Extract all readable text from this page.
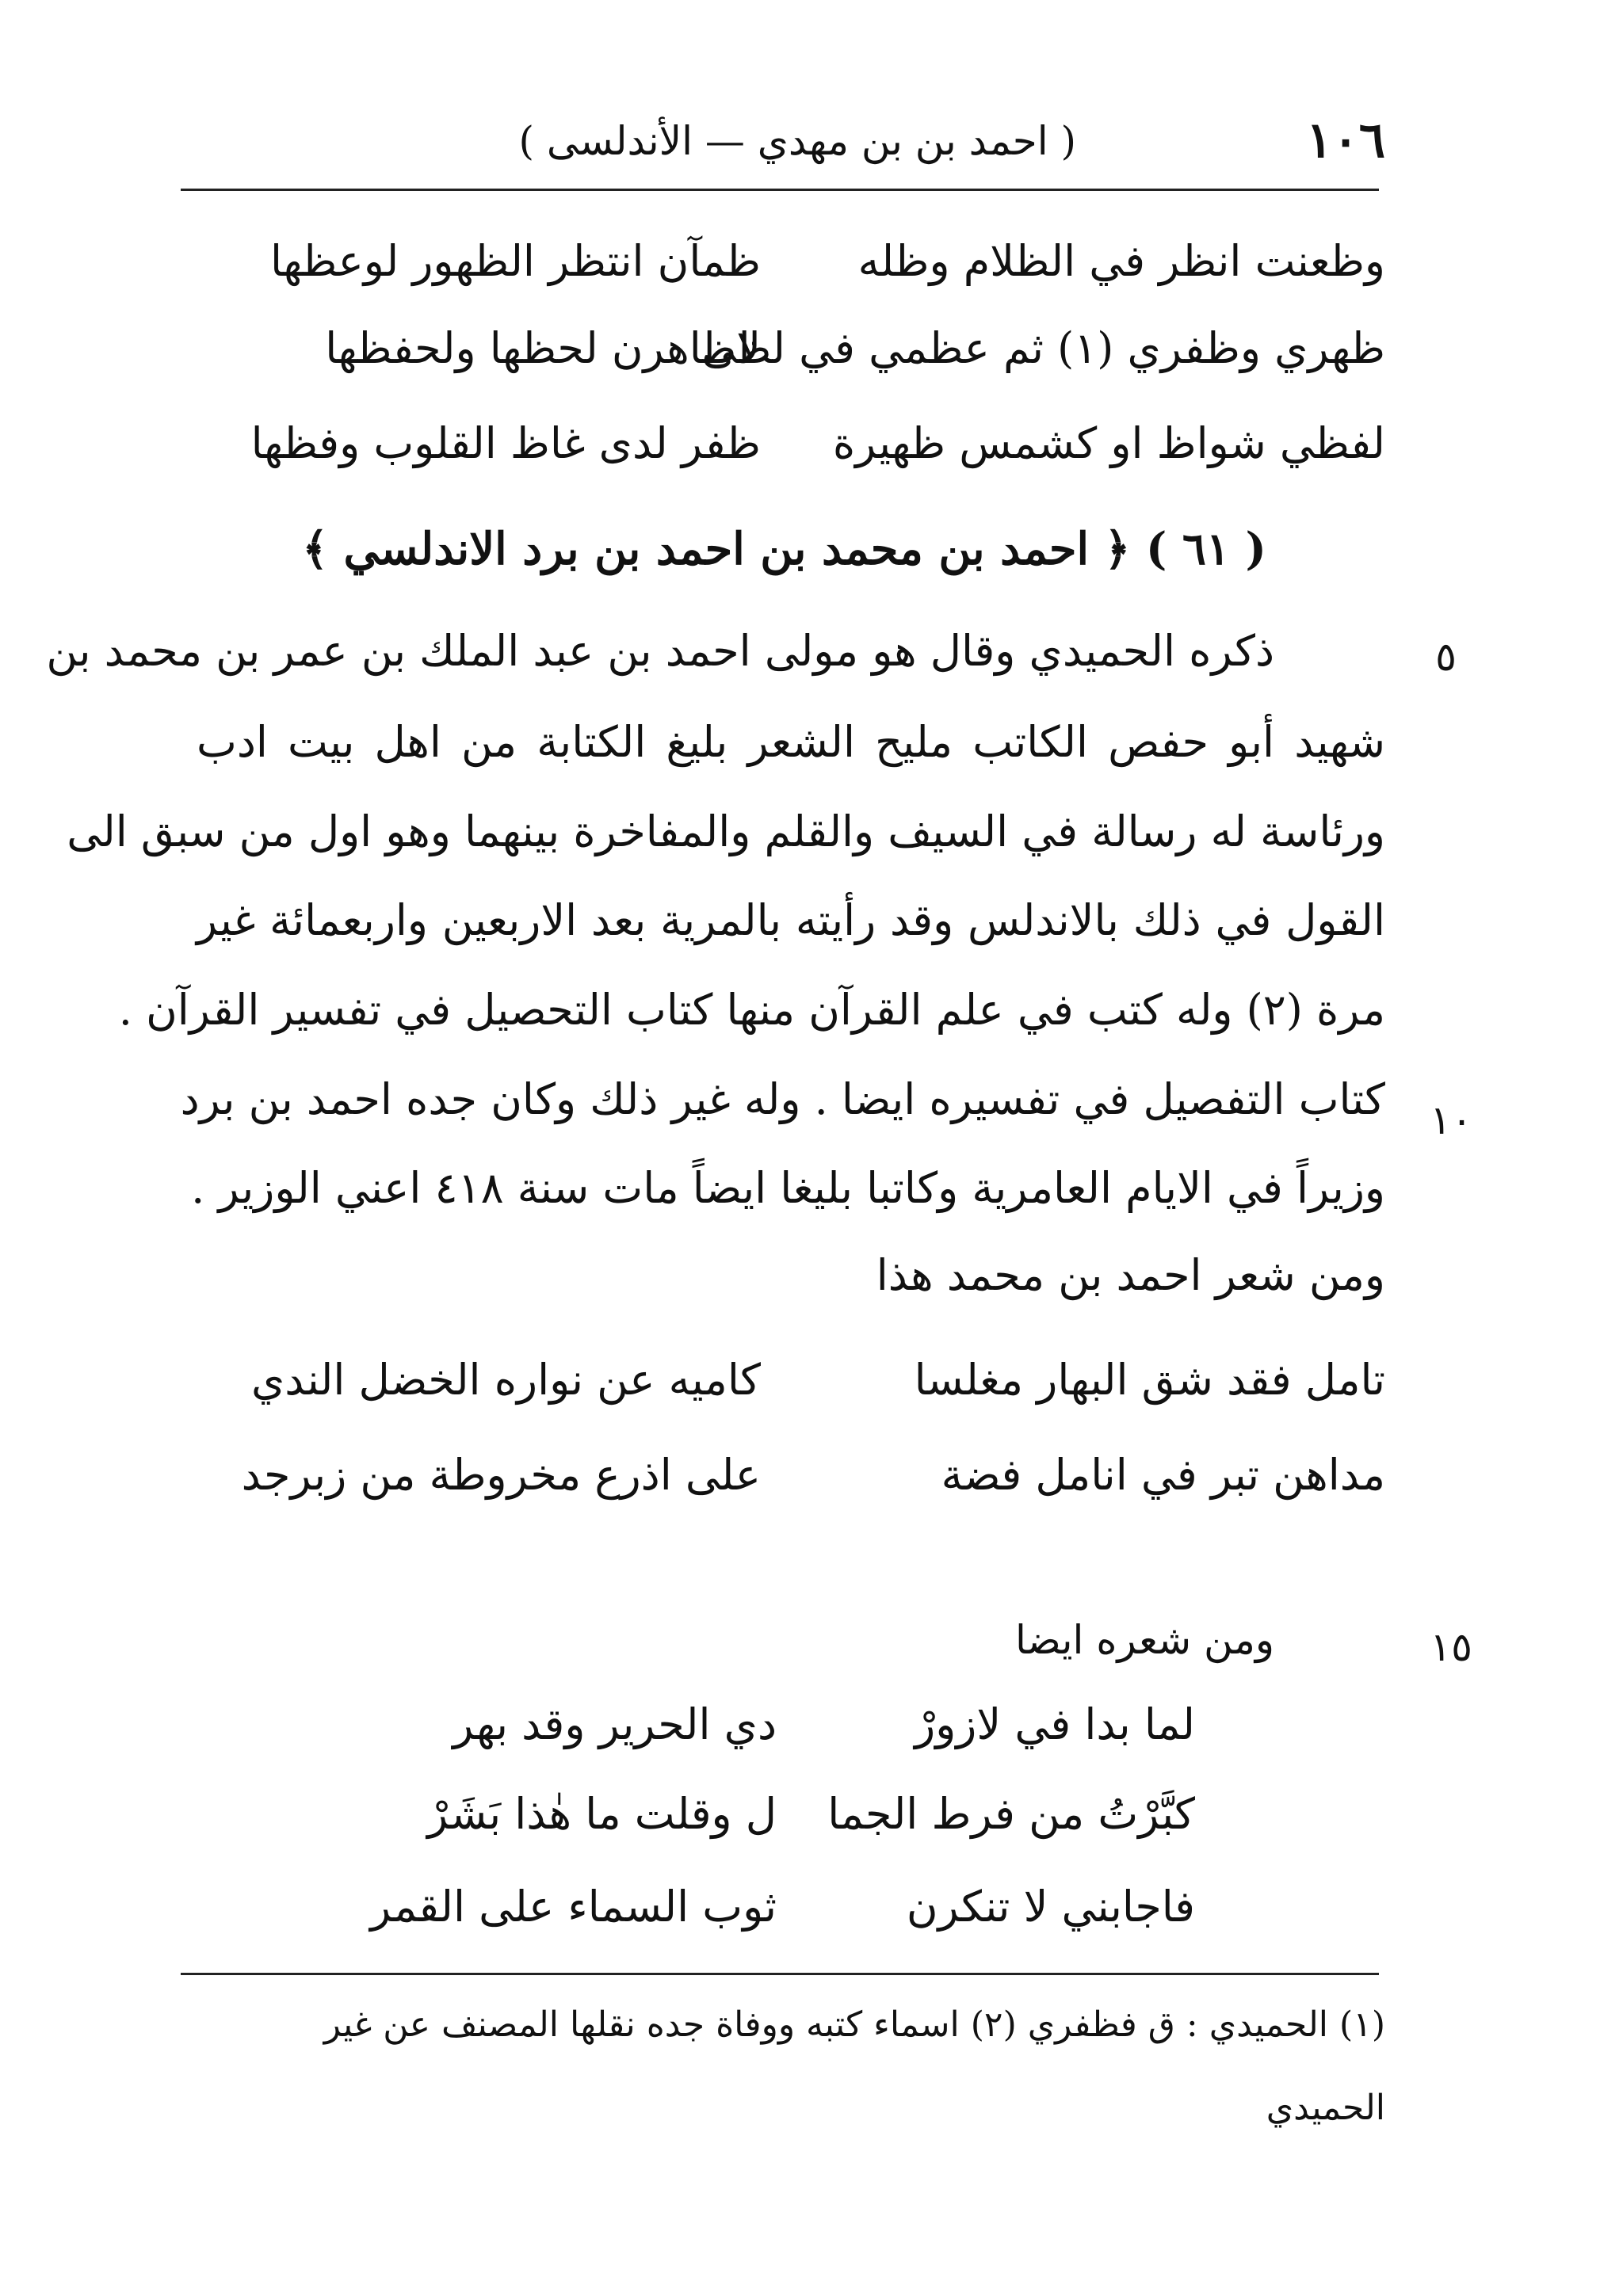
١٠٦
( احمد بن بن مهدي — الأندلسى )
وظعنت انظر في الظلام وظله
ظمآن انتظر الظهور لوعظها
ظهري وظفري (١) ثم عظمي في لظى
لاظاهرن لحظها ولحفظها
لفظي شواظ او كشمس ظهيرة
ظفر لدى غاظ القلوب وفظها
( ٦١ ) ﴿ احمد بن محمد بن احمد بن برد الاندلسي ﴾
٥
١٠
١٥
ذكره الحميدي وقال هو مولى احمد بن عبد الملك بن عمر بن محمد بن
شهيد أبو حفص الكاتب مليح الشعر بليغ الكتابة من اهل بيت ادب
ورئاسة له رسالة في السيف والقلم والمفاخرة بينهما وهو اول من سبق الى
القول في ذلك بالاندلس وقد رأيته بالمرية بعد الاربعين واربعمائة غير
مرة (٢) وله كتب في علم القرآن منها كتاب التحصيل في تفسير القرآن .
كتاب التفصيل في تفسيره ايضا . وله غير ذلك وكان جده احمد بن برد
وزيراً في الايام العامرية وكاتبا بليغا ايضاً مات سنة ٤١٨ اعني الوزير .
ومن شعر احمد بن محمد هذا
تامل فقد شق البهار مغلسا
كاميه عن نواره الخضل الندي
مداهن تبر في انامل فضة
على اذرع مخروطة من زبرجد
ومن شعره ايضا
لما بدا في لازورْ
دي الحرير وقد بهر
كبَّرْتُ من فرط الجما
ل وقلت ما هٰذا بَشَرْ
فاجابني لا تنكرن
ثوب السماء على القمر
(١) الحميدي : ق فظفري (٢) اسماء كتبه ووفاة جده نقلها المصنف عن غير
الحميدي
